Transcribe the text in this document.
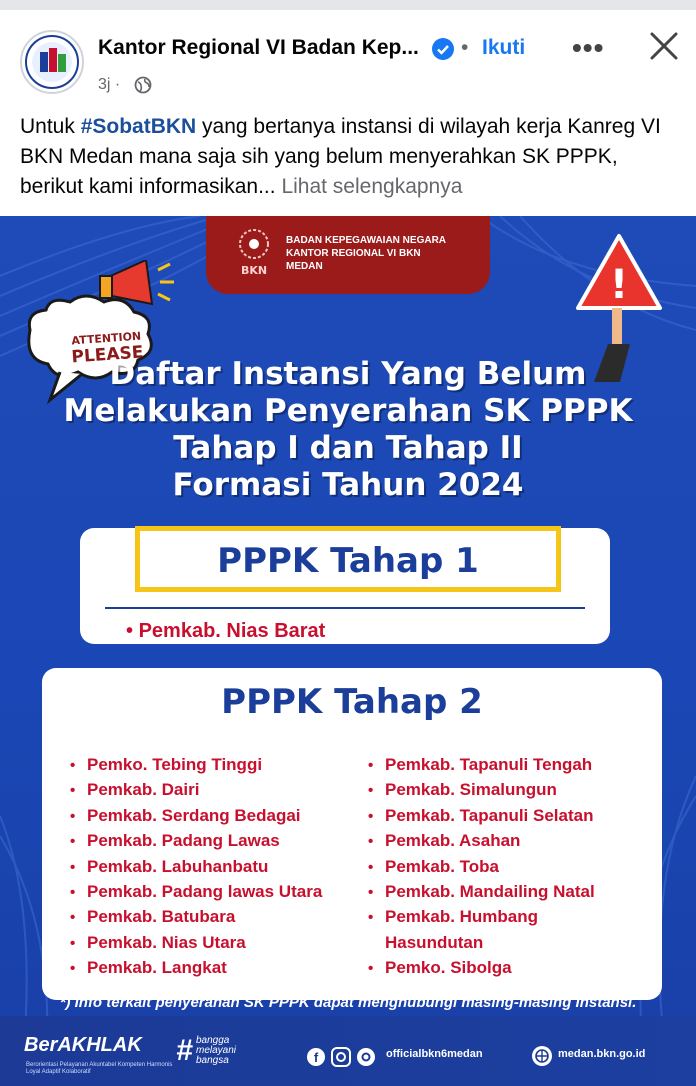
Kantor Regional VI Badan Kep... • Ikuti •••
3j ·
Untuk #SobatBKN yang bertanya instansi di wilayah kerja Kanreg VI BKN Medan mana saja sih yang belum menyerahkan SK PPPK, berikut kami informasikan... Lihat selengkapnya
BKN
BADAN KEPEGAWAIAN NEGARA
KANTOR REGIONAL VI BKN
MEDAN
ATTENTION
PLEASE
!
Daftar Instansi Yang Belum
Melakukan Penyerahan SK PPPK
Tahap I dan Tahap II
Formasi Tahun 2024
PPPK Tahap 1
• Pemkab. Nias Barat
PPPK Tahap 2
• Pemko. Tebing Tinggi
• Pemkab. Dairi
• Pemkab. Serdang Bedagai
• Pemkab. Padang Lawas
• Pemkab. Labuhanbatu
• Pemkab. Padang lawas Utara
• Pemkab. Batubara
• Pemkab. Nias Utara
• Pemkab. Langkat
• Pemkab. Tapanuli Tengah
• Pemkab. Simalungun
• Pemkab. Tapanuli Selatan
• Pemkab. Asahan
• Pemkab. Toba
• Pemkab. Mandailing Natal
• Pemkab. Humbang
Hasundutan
• Pemko. Sibolga
*) Info terkait penyerahan SK PPPK dapat menghubungi masing-masing Instansi.
BerAKHLAK
Berorientasi Pelayanan Akuntabel Kompeten Harmonis Loyal Adaptif Kolaboratif
# bangga melayani bangsa	f	officialbkn6medan	medan.bkn.go.id
